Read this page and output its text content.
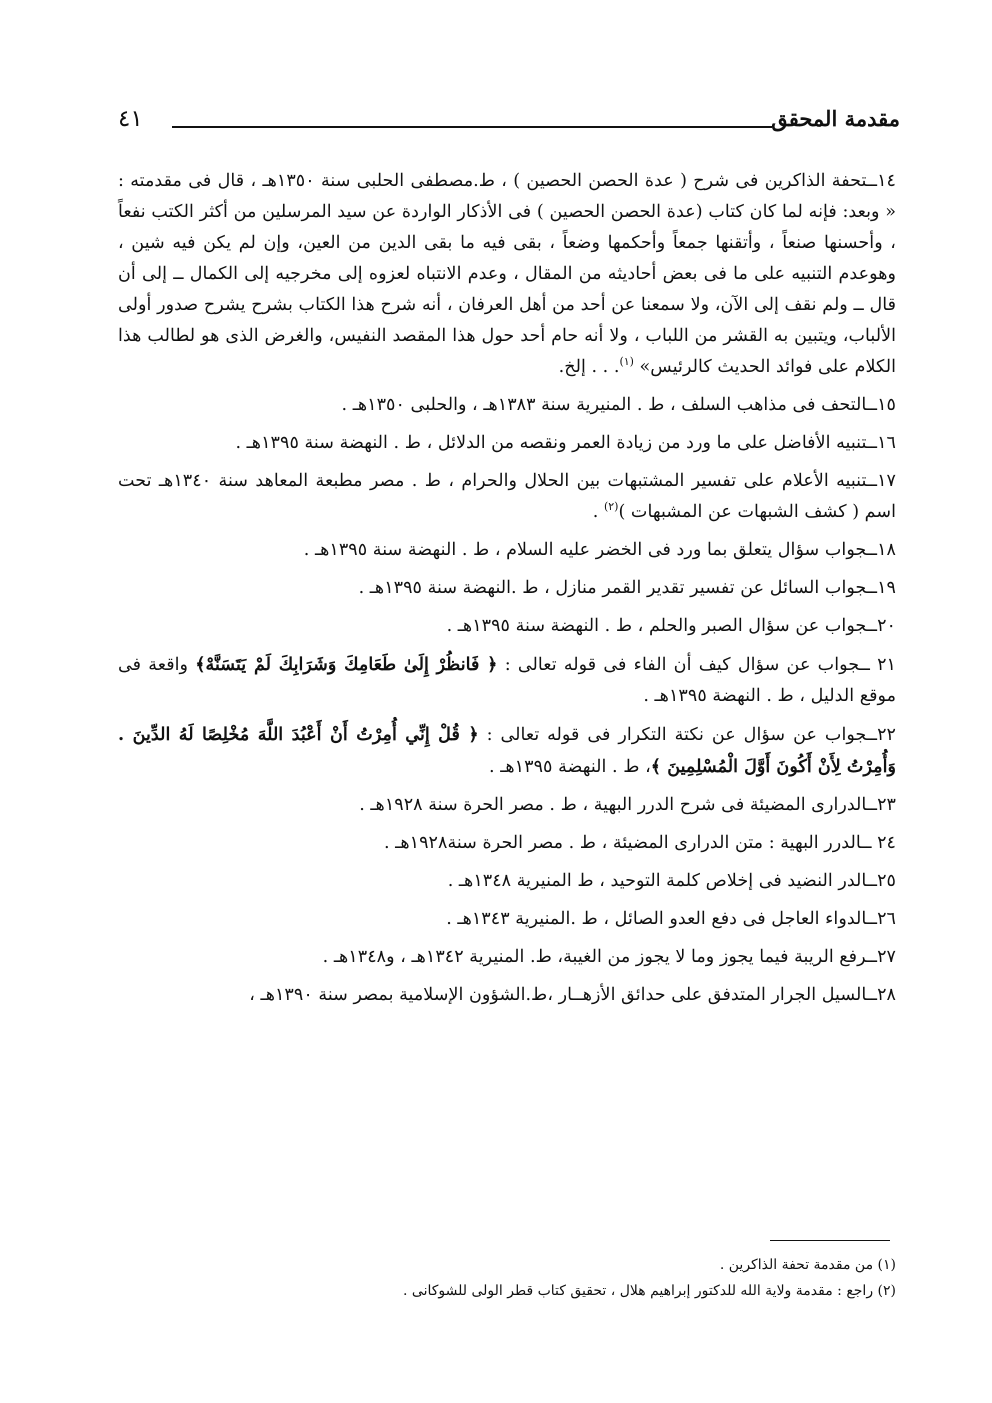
مقدمة المحقق
٤١

١٤ــتحفة الذاكرين فى شرح ( عدة الحصن الحصين ) ، ط.مصطفى الحلبى سنة ١٣٥٠هـ ، قال فى مقدمته : « وبعد: فإنه لما كان كتاب (عدة الحصن الحصين ) فى الأذكار الواردة عن سيد المرسلين من أكثر الكتب نفعاً ، وأحسنها صنعاً ، وأتقنها جمعاً وأحكمها وضعاً ، بقى فيه ما بقى الدين من العين، وإن لم يكن فيه شين ، وهوعدم التنبيه على ما فى بعض أحاديثه من المقال ، وعدم الانتباه لعزوه إلى مخرجيه إلى الكمال ــ إلى أن قال ــ ولم نقف إلى الآن، ولا سمعنا عن أحد من أهل العرفان ، أنه شرح هذا الكتاب بشرح يشرح صدور أولى الألباب، ويتبين به القشر من اللباب ، ولا أنه حام أحد حول هذا المقصد النفيس، والغرض الذى هو لطالب هذا الكلام على فوائد الحديث كالرئيس» $^{(١)}$. . . إلخ.

١٥ــالتحف فى مذاهب السلف ، ط . المنيرية سنة ١٣٨٣هـ ، والحلبى ١٣٥٠هـ .

١٦ــتنبيه الأفاضل على ما ورد من زيادة العمر ونقصه من الدلائل ، ط . النهضة سنة ١٣٩٥هـ .

١٧ــتنبيه الأعلام على تفسير المشتبهات بين الحلال والحرام ، ط . مصر مطبعة المعاهد سنة ١٣٤٠هـ تحت اسم ( كشف الشبهات عن المشبهات )$^{(٢)}$ .

١٨ــجواب سؤال يتعلق بما ورد فى الخضر عليه السلام ، ط . النهضة سنة ١٣٩٥هـ .

١٩ــجواب السائل عن تفسير تقدير القمر منازل ، ط .النهضة سنة ١٣٩٥هـ .

٢٠ــجواب عن سؤال الصبر والحلم ، ط . النهضة سنة ١٣٩٥هـ .

٢١ ــجواب عن سؤال كيف أن الفاء فى قوله تعالى : ﴿ فَانظُرْ إِلَىٰ طَعَامِكَ وَشَرَابِكَ لَمْ يَتَسَنَّهْ﴾ واقعة فى موقع الدليل ، ط . النهضة ١٣٩٥هـ .

٢٢ــجواب عن سؤال عن نكتة التكرار فى قوله تعالى : ﴿ قُلْ إِنِّي أُمِرْتُ أَنْ أَعْبُدَ اللَّهَ مُخْلِصًا لَهُ الدِّينَ . وَأُمِرْتُ لِأَنْ أَكُونَ أَوَّلَ الْمُسْلِمِينَ ﴾، ط . النهضة ١٣٩٥هـ .

٢٣ــالدرارى المضيئة فى شرح الدرر البهية ، ط . مصر الحرة سنة ١٩٢٨هـ .

٢٤ ــالدرر البهية : متن الدرارى المضيئة ، ط . مصر الحرة سنة١٩٢٨هـ .

٢٥ــالدر النضيد فى إخلاص كلمة التوحيد ، ط المنيرية ١٣٤٨هـ .

٢٦ــالدواء العاجل فى دفع العدو الصائل ، ط .المنيرية ١٣٤٣هـ .

٢٧ــرفع الريبة فيما يجوز وما لا يجوز من الغيبة، ط. المنيرية ١٣٤٢هـ ، و١٣٤٨هـ .

٢٨ــالسيل الجرار المتدفق على حدائق الأزهــار ،ط.الشؤون الإسلامية بمصر سنة ١٣٩٠هـ ،

(١) من مقدمة تحفة الذاكرين .
(٢) راجع : مقدمة ولاية الله للدكتور إبراهيم هلال ، تحقيق كتاب قطر الولى للشوكانى .
